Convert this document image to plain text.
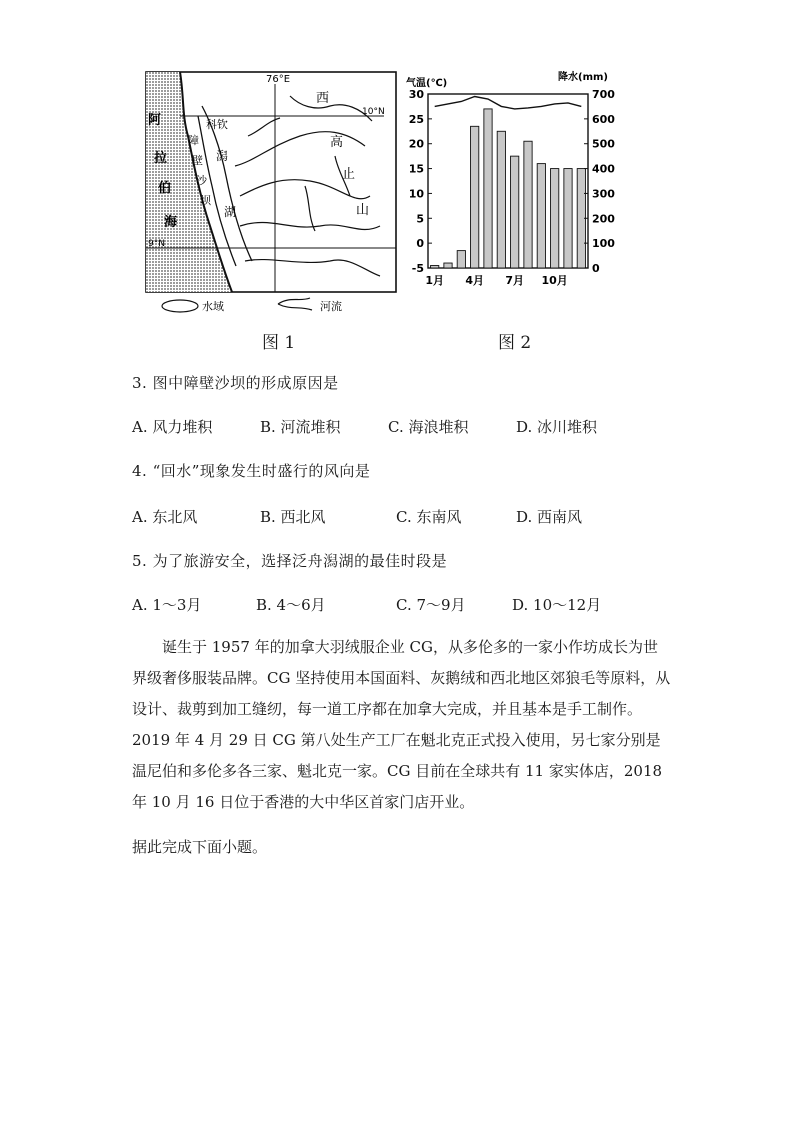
76°E
10°N
9°N
科钦
湖
潟
阿
拉
伯
海
障
壁
沙
坝
西
高
止
山
水域	河流
气温(℃)
降水(mm)
30
25
20
15
10
5
0
-5
700
600
500
400
300
200
100
0
1月 4月 7月 10月
图 1	图 2
3. 图中障壁沙坝的形成原因是
A. 风力堆积	B. 河流堆积	C. 海浪堆积	D. 冰川堆积
4. “回水”现象发生时盛行的风向是
A. 东北风	B. 西北风	C. 东南风	D. 西南风
5. 为了旅游安全，选择泛舟潟湖的最佳时段是
A. 1～3月	B. 4～6月	C. 7～9月	D. 10～12月
诞生于 1957 年的加拿大羽绒服企业 CG，从多伦多的一家小作坊成长为世界级奢侈服装品牌。CG 坚持使用本国面料、灰鹅绒和西北地区郊狼毛等原料，从设计、裁剪到加工缝纫，每一道工序都在加拿大完成，并且基本是手工制作。2019 年 4 月 29 日 CG 第八处生产工厂在魁北克正式投入使用，另七家分别是温尼伯和多伦多各三家、魁北克一家。CG 目前在全球共有 11 家实体店，2018 年 10 月 16 日位于香港的大中华区首家门店开业。
据此完成下面小题。
